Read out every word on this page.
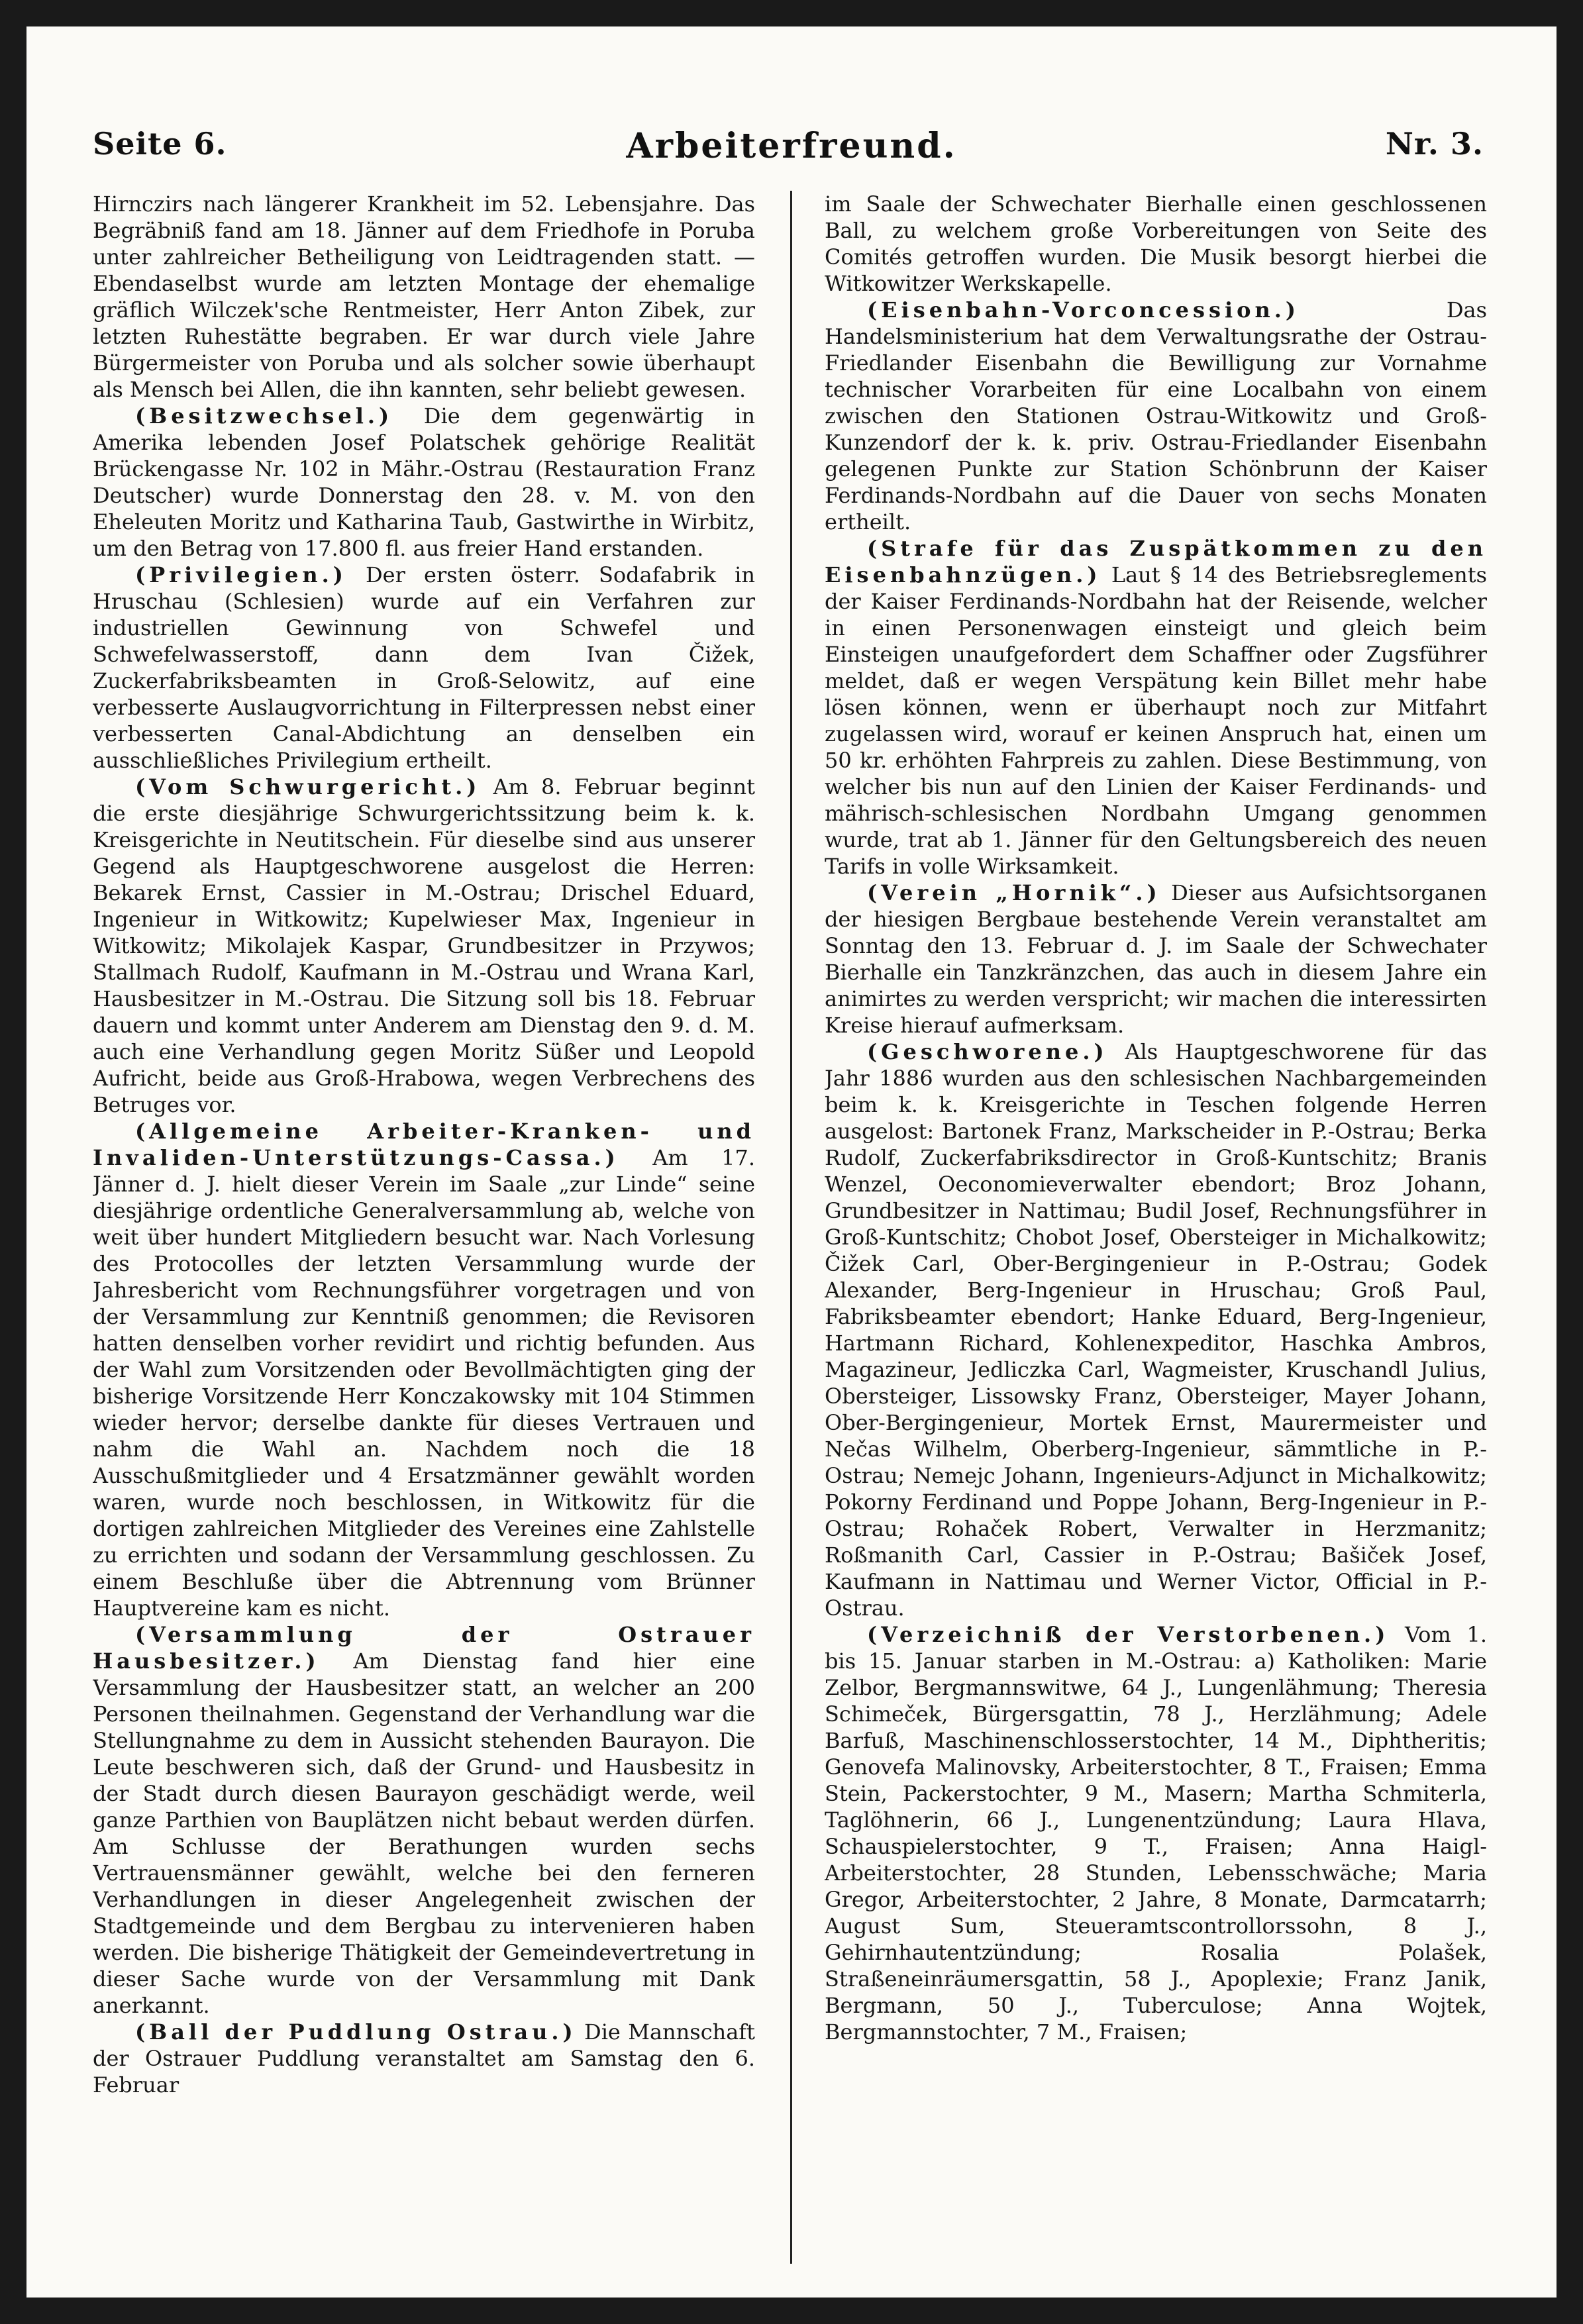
Seite 6.	Arbeiterfreund.	Nr. 3.

Hirnczirs nach längerer Krankheit im 52. Lebensjahre. Das Begräbniß fand am 18. Jänner auf dem Friedhofe in Poruba unter zahlreicher Betheiligung von Leidtragenden statt. — Ebendaselbst wurde am letzten Montage der ehemalige gräflich Wilczek'sche Rentmeister, Herr Anton Zibek, zur letzten Ruhestätte begraben. Er war durch viele Jahre Bürgermeister von Poruba und als solcher sowie überhaupt als Mensch bei Allen, die ihn kannten, sehr beliebt gewesen.

(Besitzwechsel.) Die dem gegenwärtig in Amerika lebenden Josef Polatschek gehörige Realität Brückengasse Nr. 102 in Mähr.-Ostrau (Restauration Franz Deutscher) wurde Donnerstag den 28. v. M. von den Eheleuten Moritz und Katharina Taub, Gastwirthe in Wirbitz, um den Betrag von 17.800 fl. aus freier Hand erstanden.

(Privilegien.) Der ersten österr. Sodafabrik in Hruschau (Schlesien) wurde auf ein Verfahren zur industriellen Gewinnung von Schwefel und Schwefelwasserstoff, dann dem Ivan Čižek, Zuckerfabriksbeamten in Groß-Selowitz, auf eine verbesserte Auslaugvorrichtung in Filterpressen nebst einer verbesserten Canal-Abdichtung an denselben ein ausschließliches Privilegium ertheilt.

(Vom Schwurgericht.) Am 8. Februar beginnt die erste diesjährige Schwurgerichtssitzung beim k. k. Kreisgerichte in Neutitschein. Für dieselbe sind aus unserer Gegend als Hauptgeschworene ausgelost die Herren: Bekarek Ernst, Cassier in M.-Ostrau; Drischel Eduard, Ingenieur in Witkowitz; Kupelwieser Max, Ingenieur in Witkowitz; Mikolajek Kaspar, Grundbesitzer in Przywos; Stallmach Rudolf, Kaufmann in M.-Ostrau und Wrana Karl, Hausbesitzer in M.-Ostrau. Die Sitzung soll bis 18. Februar dauern und kommt unter Anderem am Dienstag den 9. d. M. auch eine Verhandlung gegen Moritz Süßer und Leopold Aufricht, beide aus Groß-Hrabowa, wegen Verbrechens des Betruges vor.

(Allgemeine Arbeiter-Kranken- und Invaliden-Unterstützungs-Cassa.) Am 17. Jänner d. J. hielt dieser Verein im Saale „zur Linde“ seine diesjährige ordentliche Generalversammlung ab, welche von weit über hundert Mitgliedern besucht war. Nach Vorlesung des Protocolles der letzten Versammlung wurde der Jahresbericht vom Rechnungsführer vorgetragen und von der Versammlung zur Kenntniß genommen; die Revisoren hatten denselben vorher revidirt und richtig befunden. Aus der Wahl zum Vorsitzenden oder Bevollmächtigten ging der bisherige Vorsitzende Herr Konczakowsky mit 104 Stimmen wieder hervor; derselbe dankte für dieses Vertrauen und nahm die Wahl an. Nachdem noch die 18 Ausschußmitglieder und 4 Ersatzmänner gewählt worden waren, wurde noch beschlossen, in Witkowitz für die dortigen zahlreichen Mitglieder des Vereines eine Zahlstelle zu errichten und sodann der Versammlung geschlossen. Zu einem Beschluße über die Abtrennung vom Brünner Hauptvereine kam es nicht.

(Versammlung der Ostrauer Hausbesitzer.) Am Dienstag fand hier eine Versammlung der Hausbesitzer statt, an welcher an 200 Personen theilnahmen. Gegenstand der Verhandlung war die Stellungnahme zu dem in Aussicht stehenden Baurayon. Die Leute beschweren sich, daß der Grund- und Hausbesitz in der Stadt durch diesen Baurayon geschädigt werde, weil ganze Parthien von Bauplätzen nicht bebaut werden dürfen. Am Schlusse der Berathungen wurden sechs Vertrauensmänner gewählt, welche bei den ferneren Verhandlungen in dieser Angelegenheit zwischen der Stadtgemeinde und dem Bergbau zu intervenieren haben werden. Die bisherige Thätigkeit der Gemeindevertretung in dieser Sache wurde von der Versammlung mit Dank anerkannt.

(Ball der Puddlung Ostrau.) Die Mannschaft der Ostrauer Puddlung veranstaltet am Samstag den 6. Februar

im Saale der Schwechater Bierhalle einen geschlossenen Ball, zu welchem große Vorbereitungen von Seite des Comités getroffen wurden. Die Musik besorgt hierbei die Witkowitzer Werkskapelle.

(Eisenbahn-Vorconcession.) Das Handelsministerium hat dem Verwaltungsrathe der Ostrau-Friedlander Eisenbahn die Bewilligung zur Vornahme technischer Vorarbeiten für eine Localbahn von einem zwischen den Stationen Ostrau-Witkowitz und Groß-Kunzendorf der k. k. priv. Ostrau-Friedlander Eisenbahn gelegenen Punkte zur Station Schönbrunn der Kaiser Ferdinands-Nordbahn auf die Dauer von sechs Monaten ertheilt.

(Strafe für das Zuspätkommen zu den Eisenbahnzügen.) Laut § 14 des Betriebsreglements der Kaiser Ferdinands-Nordbahn hat der Reisende, welcher in einen Personenwagen einsteigt und gleich beim Einsteigen unaufgefordert dem Schaffner oder Zugsführer meldet, daß er wegen Verspätung kein Billet mehr habe lösen können, wenn er überhaupt noch zur Mitfahrt zugelassen wird, worauf er keinen Anspruch hat, einen um 50 kr. erhöhten Fahrpreis zu zahlen. Diese Bestimmung, von welcher bis nun auf den Linien der Kaiser Ferdinands- und mährisch-schlesischen Nordbahn Umgang genommen wurde, trat ab 1. Jänner für den Geltungsbereich des neuen Tarifs in volle Wirksamkeit.

(Verein „Hornik“.) Dieser aus Aufsichtsorganen der hiesigen Bergbaue bestehende Verein veranstaltet am Sonntag den 13. Februar d. J. im Saale der Schwechater Bierhalle ein Tanzkränzchen, das auch in diesem Jahre ein animirtes zu werden verspricht; wir machen die interessirten Kreise hierauf aufmerksam.

(Geschworene.) Als Hauptgeschworene für das Jahr 1886 wurden aus den schlesischen Nachbargemeinden beim k. k. Kreisgerichte in Teschen folgende Herren ausgelost: Bartonek Franz, Markscheider in P.-Ostrau; Berka Rudolf, Zuckerfabriksdirector in Groß-Kuntschitz; Branis Wenzel, Oeconomieverwalter ebendort; Broz Johann, Grundbesitzer in Nattimau; Budil Josef, Rechnungsführer in Groß-Kuntschitz; Chobot Josef, Obersteiger in Michalkowitz; Čižek Carl, Ober-Bergingenieur in P.-Ostrau; Godek Alexander, Berg-Ingenieur in Hruschau; Groß Paul, Fabriksbeamter ebendort; Hanke Eduard, Berg-Ingenieur, Hartmann Richard, Kohlenexpeditor, Haschka Ambros, Magazineur, Jedliczka Carl, Wagmeister, Kruschandl Julius, Obersteiger, Lissowsky Franz, Obersteiger, Mayer Johann, Ober-Bergingenieur, Mortek Ernst, Maurermeister und Nečas Wilhelm, Oberberg-Ingenieur, sämmtliche in P.-Ostrau; Nemejc Johann, Ingenieurs-Adjunct in Michalkowitz; Pokorny Ferdinand und Poppe Johann, Berg-Ingenieur in P.-Ostrau; Rohaček Robert, Verwalter in Herzmanitz; Roßmanith Carl, Cassier in P.-Ostrau; Bašiček Josef, Kaufmann in Nattimau und Werner Victor, Official in P.-Ostrau.

(Verzeichniß der Verstorbenen.) Vom 1. bis 15. Januar starben in M.-Ostrau: a) Katholiken: Marie Zelbor, Bergmannswitwe, 64 J., Lungenlähmung; Theresia Schimeček, Bürgersgattin, 78 J., Herzlähmung; Adele Barfuß, Maschinenschlosserstochter, 14 M., Diphtheritis; Genovefa Malinovsky, Arbeiterstochter, 8 T., Fraisen; Emma Stein, Packerstochter, 9 M., Masern; Martha Schmiterla, Taglöhnerin, 66 J., Lungenentzündung; Laura Hlava, Schauspielerstochter, 9 T., Fraisen; Anna Haigl-Arbeiterstochter, 28 Stunden, Lebensschwäche; Maria Gregor, Arbeiterstochter, 2 Jahre, 8 Monate, Darmcatarrh; August Sum, Steueramtscontrollorssohn, 8 J., Gehirnhautentzündung; Rosalia Polašek, Straßeneinräumersgattin, 58 J., Apoplexie; Franz Janik, Bergmann, 50 J., Tuberculose; Anna Wojtek, Bergmannstochter, 7 M., Fraisen;
